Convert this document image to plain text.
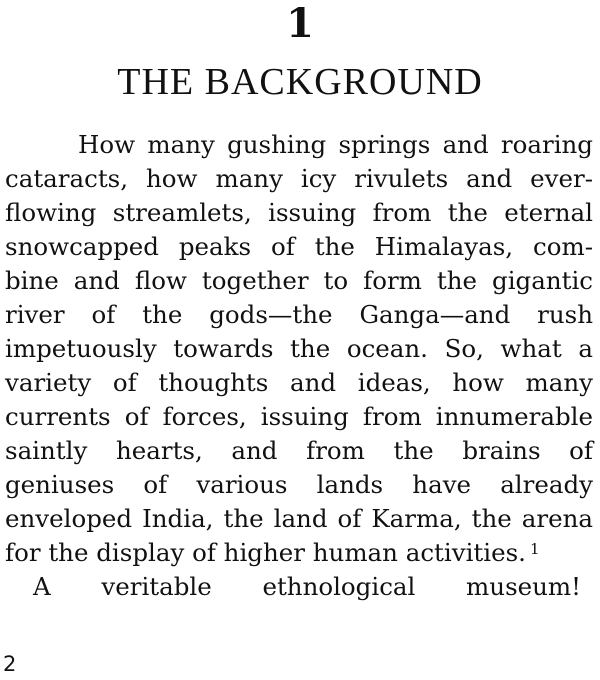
1
THE BACKGROUND
How many gushing springs and roaring
cataracts, how many icy rivulets and ever-
flowing streamlets, issuing from the eternal
snowcapped peaks of the Himalayas, com-
bine and flow together to form the gigantic
river of the gods—the Ganga—and rush
impetuously towards the ocean. So, what a
variety of thoughts and ideas, how many
currents of forces, issuing from innumerable
saintly hearts, and from the brains of
geniuses of various lands have already
enveloped India, the land of Karma, the arena
for the display of higher human activities. $^1$
A veritable ethnological museum!
2
